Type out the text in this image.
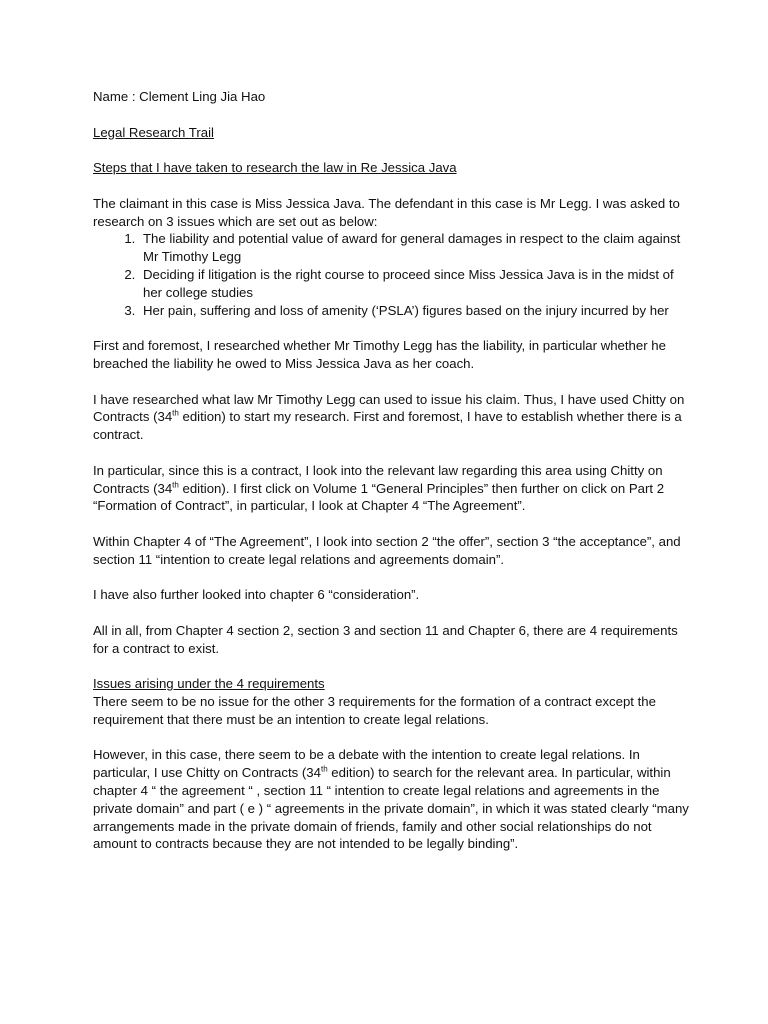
Name : Clement Ling Jia Hao

Legal Research Trail

Steps that I have taken to research the law in Re Jessica Java

The claimant in this case is Miss Jessica Java. The defendant in this case is Mr Legg. I was asked to research on 3 issues which are set out as below:

1. The liability and potential value of award for general damages in respect to the claim against Mr Timothy Legg
2. Deciding if litigation is the right course to proceed since Miss Jessica Java is in the midst of her college studies
3. Her pain, suffering and loss of amenity (‘PSLA’) figures based on the injury incurred by her

First and foremost, I researched whether Mr Timothy Legg has the liability, in particular whether he breached the liability he owed to Miss Jessica Java as her coach.

I have researched what law Mr Timothy Legg can used to issue his claim. Thus, I have used Chitty on Contracts (34th edition) to start my research. First and foremost, I have to establish whether there is a contract.

In particular, since this is a contract, I look into the relevant law regarding this area using Chitty on Contracts (34th edition). I first click on Volume 1 “General Principles” then further on click on Part 2 “Formation of Contract”, in particular, I look at Chapter 4 “The Agreement”.

Within Chapter 4 of “The Agreement”, I look into section 2 “the offer”, section 3 “the acceptance”, and section 11 “intention to create legal relations and agreements domain”.

I have also further looked into chapter 6 “consideration”.

All in all, from Chapter 4 section 2, section 3 and section 11 and Chapter 6, there are 4 requirements for a contract to exist.

Issues arising under the 4 requirements

There seem to be no issue for the other 3 requirements for the formation of a contract except the requirement that there must be an intention to create legal relations.

However, in this case, there seem to be a debate with the intention to create legal relations. In particular, I use Chitty on Contracts (34th edition) to search for the relevant area. In particular, within chapter 4 “ the agreement “ , section 11 “ intention to create legal relations and agreements in the private domain” and part ( e ) “ agreements in the private domain”, in which it was stated clearly “many arrangements made in the private domain of friends, family and other social relationships do not amount to contracts because they are not intended to be legally binding”.
